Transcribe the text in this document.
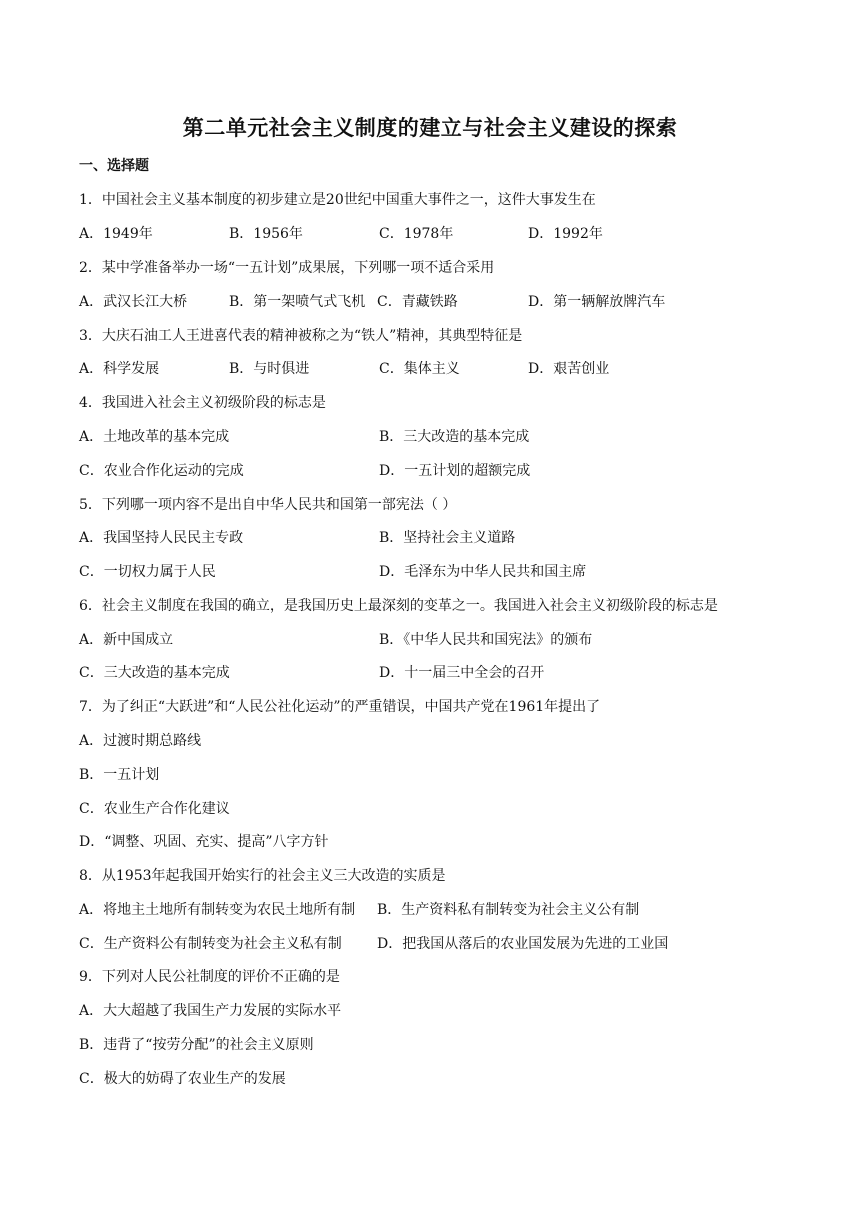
第二单元社会主义制度的建立与社会主义建设的探索
一、选择题
1．中国社会主义基本制度的初步建立是20世纪中国重大事件之一，这件大事发生在
A．1949年	B．1956年	C．1978年	D．1992年
2．某中学准备举办一场“一五计划”成果展，下列哪一项不适合采用
A．武汉长江大桥	B．第一架喷气式飞机 C．青藏铁路	D．第一辆解放牌汽车
3．大庆石油工人王进喜代表的精神被称之为“铁人”精神，其典型特征是
A．科学发展	B．与时俱进	C．集体主义	D．艰苦创业
4．我国进入社会主义初级阶段的标志是
A．土地改革的基本完成	B．三大改造的基本完成
C．农业合作化运动的完成	D．一五计划的超额完成
5．下列哪一项内容不是出自中华人民共和国第一部宪法（ ）
A．我国坚持人民民主专政	B．坚持社会主义道路
C．一切权力属于人民	D．毛泽东为中华人民共和国主席
6．社会主义制度在我国的确立，是我国历史上最深刻的变革之一。我国进入社会主义初级阶段的标志是
A．新中国成立	B．《中华人民共和国宪法》的颁布
C．三大改造的基本完成	D．十一届三中全会的召开
7．为了纠正“大跃进”和“人民公社化运动”的严重错误，中国共产党在1961年提出了
A．过渡时期总路线
B．一五计划
C．农业生产合作化建议
D．“调整、巩固、充实、提高”八字方针
8．从1953年起我国开始实行的社会主义三大改造的实质是
A．将地主土地所有制转变为农民土地所有制 B．生产资料私有制转变为社会主义公有制
C．生产资料公有制转变为社会主义私有制	D．把我国从落后的农业国发展为先进的工业国
9．下列对人民公社制度的评价不正确的是
A．大大超越了我国生产力发展的实际水平
B．违背了“按劳分配”的社会主义原则
C．极大的妨碍了农业生产的发展
